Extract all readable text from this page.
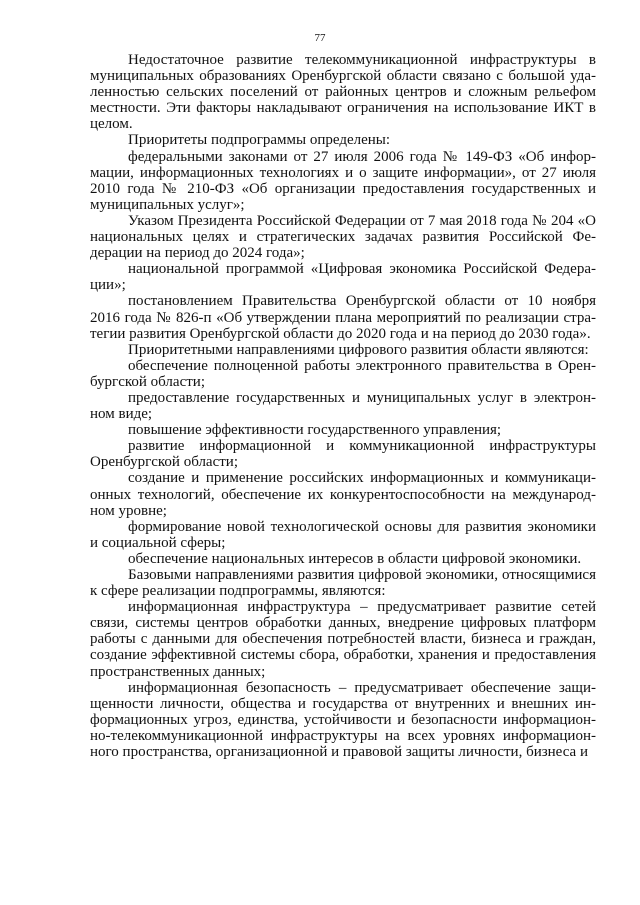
77

Недостаточное развитие телекоммуникационной инфраструктуры в муниципальных образованиях Оренбургской области связано с большой удаленностью сельских поселений от районных центров и сложным рельефом местности. Эти факторы накладывают ограничения на использование ИКТ в целом.

Приоритеты подпрограммы определены:

федеральными законами от 27 июля 2006 года № 149-ФЗ «Об информации, информационных технологиях и о защите информации», от 27 июля 2010 года № 210-ФЗ «Об организации предоставления государственных и муниципальных услуг»;

Указом Президента Российской Федерации от 7 мая 2018 года № 204 «О национальных целях и стратегических задачах развития Российской Федерации на период до 2024 года»;

национальной программой «Цифровая экономика Российской Федерации»;

постановлением Правительства Оренбургской области от 10 ноября 2016 года № 826-п «Об утверждении плана мероприятий по реализации стратегии развития Оренбургской области до 2020 года и на период до 2030 года».

Приоритетными направлениями цифрового развития области являются:

обеспечение полноценной работы электронного правительства в Оренбургской области;

предоставление государственных и муниципальных услуг в электронном виде;

повышение эффективности государственного управления;

развитие информационной и коммуникационной инфраструктуры Оренбургской области;

создание и применение российских информационных и коммуникационных технологий, обеспечение их конкурентоспособности на международном уровне;

формирование новой технологической основы для развития экономики и социальной сферы;

обеспечение национальных интересов в области цифровой экономики.

Базовыми направлениями развития цифровой экономики, относящимися к сфере реализации подпрограммы, являются:

информационная инфраструктура – предусматривает развитие сетей связи, системы центров обработки данных, внедрение цифровых платформ работы с данными для обеспечения потребностей власти, бизнеса и граждан, создание эффективной системы сбора, обработки, хранения и предоставления пространственных данных;

информационная безопасность – предусматривает обеспечение защищенности личности, общества и государства от внутренних и внешних информационных угроз, единства, устойчивости и безопасности информационно-телекоммуникационной инфраструктуры на всех уровнях информационного пространства, организационной и правовой защиты личности, бизнеса и
